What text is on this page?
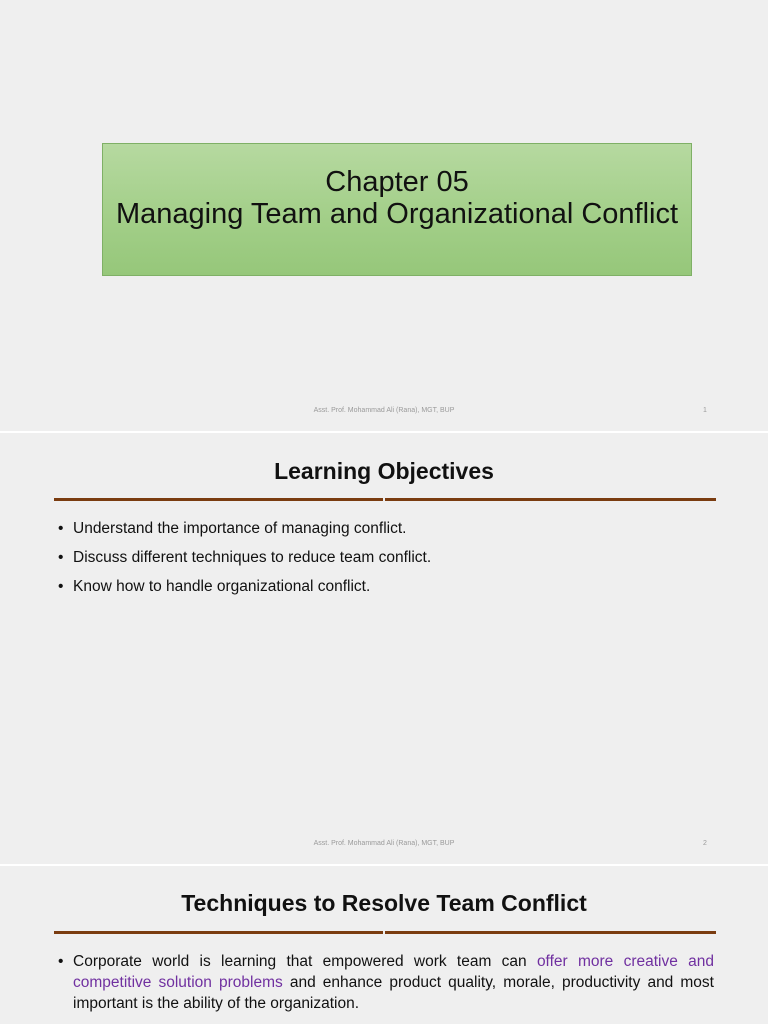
Chapter 05
Managing Team and Organizational Conflict
Asst. Prof. Mohammad Ali (Rana), MGT, BUP	1
Learning Objectives
• Understand the importance of managing conflict.
• Discuss different techniques to reduce team conflict.
• Know how to handle organizational conflict.
Asst. Prof. Mohammad Ali (Rana), MGT, BUP	2
Techniques to Resolve Team Conflict
• Corporate world is learning that empowered work team can offer more creative and competitive solution problems and enhance product quality, morale, productivity and most important is the ability of the organization.
